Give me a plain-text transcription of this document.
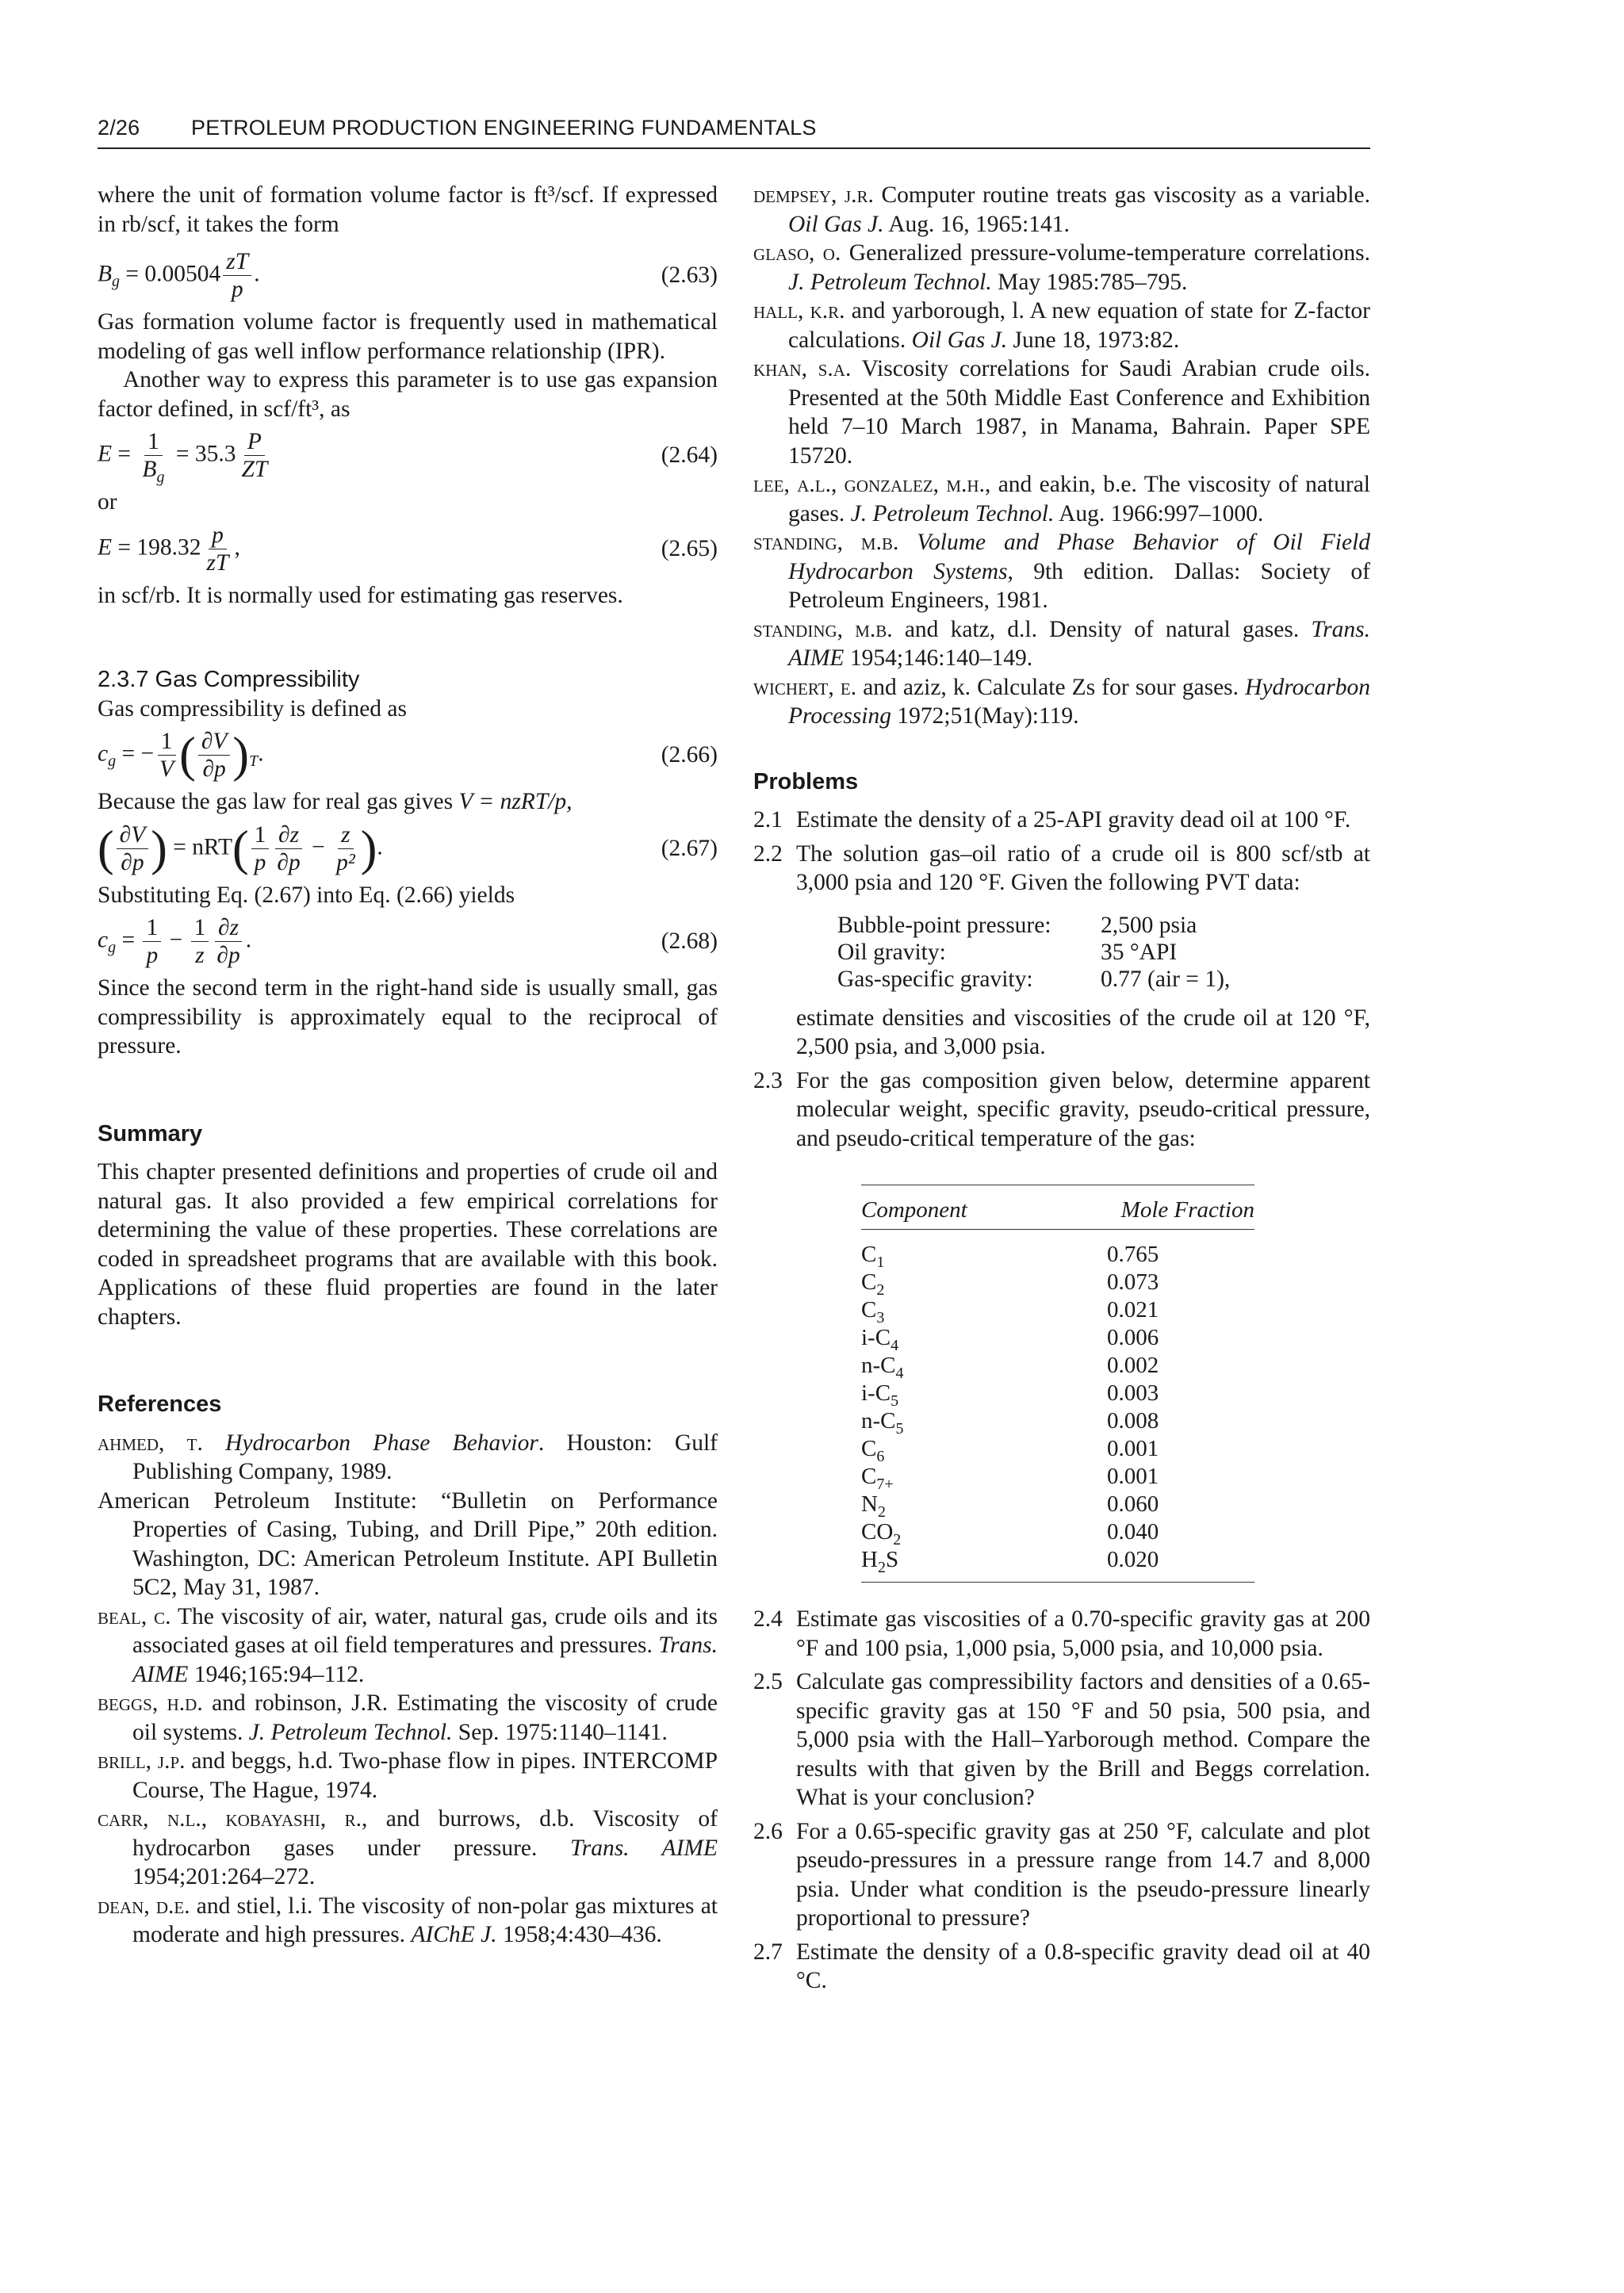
2/26 PETROLEUM PRODUCTION ENGINEERING FUNDAMENTALS

where the unit of formation volume factor is ft³/scf. If expressed in rb/scf, it takes the form

$B_g = 0.00504 \frac{zT}{p}$ .	(2.63)

Gas formation volume factor is frequently used in mathematical modeling of gas well inflow performance relationship (IPR).

Another way to express this parameter is to use gas expansion factor defined, in scf/ft³, as

$E = \frac{1}{B_g} = 35.3 \frac{P}{ZT}$	(2.64)

or

$E = 198.32 \frac{p}{zT}$ ,	(2.65)

in scf/rb. It is normally used for estimating gas reserves.

2.3.7 Gas Compressibility

Gas compressibility is defined as

$c_g$ = − $\frac{1}{V}$ ( $\frac{\partial V}{\partial p} )_T$.	(2.66)

Because the gas law for real gas gives V = nzRT/p,

( $\frac{\partial V}{\partial p}$ ) = $nRT( \frac{1}{p} \frac{\partial z}{\partial p} - \frac{z}{\text{p²}}$ ).	(2.67)

Substituting Eq. (2.67) into Eq. (2.66) yields

$c_g = \frac{1}{p} - \frac{1}{z} \frac{\partial z}{\partial p}$ .	(2.68)

Since the second term in the right-hand side is usually small, gas compressibility is approximately equal to the reciprocal of pressure.

Summary

This chapter presented definitions and properties of crude oil and natural gas. It also provided a few empirical correlations for determining the value of these properties. These correlations are coded in spreadsheet programs that are available with this book. Applications of these fluid properties are found in the later chapters.

References

ahmed, t. Hydrocarbon Phase Behavior. Houston: Gulf Publishing Company, 1989.

American Petroleum Institute: “Bulletin on Performance Properties of Casing, Tubing, and Drill Pipe,” 20th edition. Washington, DC: American Petroleum Institute. API Bulletin 5C2, May 31, 1987.

beal, c. The viscosity of air, water, natural gas, crude oils and its associated gases at oil field temperatures and pressures. Trans. AIME 1946;165:94–112.

beggs, h.d. and robinson, J.R. Estimating the viscosity of crude oil systems. J. Petroleum Technol. Sep. 1975:1140–1141.

brill, j.p. and beggs, h.d. Two-phase flow in pipes. INTERCOMP Course, The Hague, 1974.

carr, n.l., kobayashi, r., and burrows, d.b. Viscosity of hydrocarbon gases under pressure. Trans. AIME 1954;201:264–272.

dean, d.e. and stiel, l.i. The viscosity of non-polar gas mixtures at moderate and high pressures. AIChE J. 1958;4:430–436.

dempsey, j.r. Computer routine treats gas viscosity as a variable. Oil Gas J. Aug. 16, 1965:141.

glaso, o. Generalized pressure-volume-temperature correlations. J. Petroleum Technol. May 1985:785–795.

hall, k.r. and yarborough, l. A new equation of state for Z-factor calculations. Oil Gas J. June 18, 1973:82.

khan, s.a. Viscosity correlations for Saudi Arabian crude oils. Presented at the 50th Middle East Conference and Exhibition held 7–10 March 1987, in Manama, Bahrain. Paper SPE 15720.

lee, a.l., gonzalez, m.h., and eakin, b.e. The viscosity of natural gases. J. Petroleum Technol. Aug. 1966:997–1000.

standing, m.b. Volume and Phase Behavior of Oil Field Hydrocarbon Systems, 9th edition. Dallas: Society of Petroleum Engineers, 1981.

standing, m.b. and katz, d.l. Density of natural gases. Trans. AIME 1954;146:140–149.

wichert, e. and aziz, k. Calculate Zs for sour gases. Hydrocarbon Processing 1972;51(May):119.

Problems
2.1 Estimate the density of a 25-API gravity dead oil at 100 °F.
2.2 The solution gas–oil ratio of a crude oil is 800 scf/stb at 3,000 psia and 120 °F. Given the following PVT data:
Bubble-point pressure:	2,500 psia
Oil gravity:	35 °API
Gas-specific gravity:	0.77 (air = 1),

estimate densities and viscosities of the crude oil at 120 °F, 2,500 psia, and 3,000 psia.

2.3 For the gas composition given below, determine apparent molecular weight, specific gravity, pseudo-critical pressure, and pseudo-critical temperature of the gas:
Component	Mole Fraction
$C_1$	0.765
$C_2$	0.073
$C_3$	0.021
$i-C_4$	0.006
$n-C_4$	0.002
$i-C_5$	0.003
$n-C_5$	0.008
$C_6$	0.001
$C_{7+}$	0.001
$N_2$	0.060
$CO_2$	0.040
$H_2S$	0.020
2.4 Estimate gas viscosities of a 0.70-specific gravity gas at 200 °F and 100 psia, 1,000 psia, 5,000 psia, and 10,000 psia.
2.5 Calculate gas compressibility factors and densities of a 0.65-specific gravity gas at 150 °F and 50 psia, 500 psia, and 5,000 psia with the Hall–Yarborough method. Compare the results with that given by the Brill and Beggs correlation. What is your conclusion?
2.6 For a 0.65-specific gravity gas at 250 °F, calculate and plot pseudo-pressures in a pressure range from 14.7 and 8,000 psia. Under what condition is the pseudo-pressure linearly proportional to pressure?
2.7 Estimate the density of a 0.8-specific gravity dead oil at 40 °C.
